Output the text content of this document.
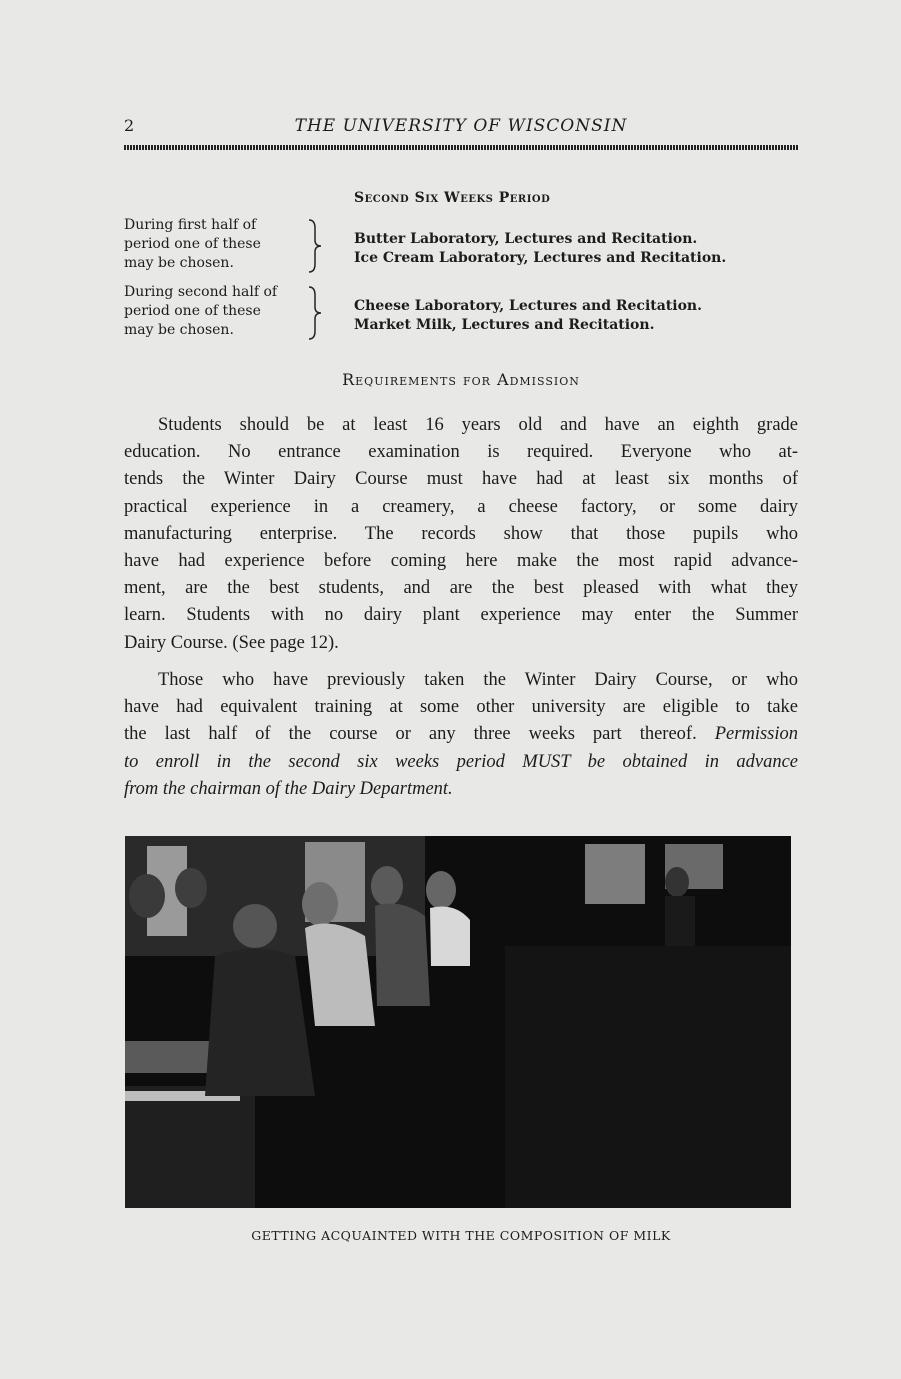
2	THE UNIVERSITY OF WISCONSIN
Second Six Weeks Period
During first half of
period one of these
may be chosen.
Butter Laboratory, Lectures and Recitation.
Ice Cream Laboratory, Lectures and Recitation.
During second half of
period one of these
may be chosen.
Cheese Laboratory, Lectures and Recitation.
Market Milk, Lectures and Recitation.
Requirements for Admission

Students should be at least 16 years old and have an eighth grade
education. No entrance examination is required. Everyone who at-
tends the Winter Dairy Course must have had at least six months of
practical experience in a creamery, a cheese factory, or some dairy
manufacturing enterprise. The records show that those pupils who
have had experience before coming here make the most rapid advance-
ment, are the best students, and are the best pleased with what they
learn. Students with no dairy plant experience may enter the Summer
Dairy Course. (See page 12).

Those who have previously taken the Winter Dairy Course, or who
have had equivalent training at some other university are eligible to take
the last half of the course or any three weeks part thereof. Permission
to enroll in the second six weeks period MUST be obtained in advance
from the chairman of the Dairy Department.

GETTING ACQUAINTED WITH THE COMPOSITION OF MILK
